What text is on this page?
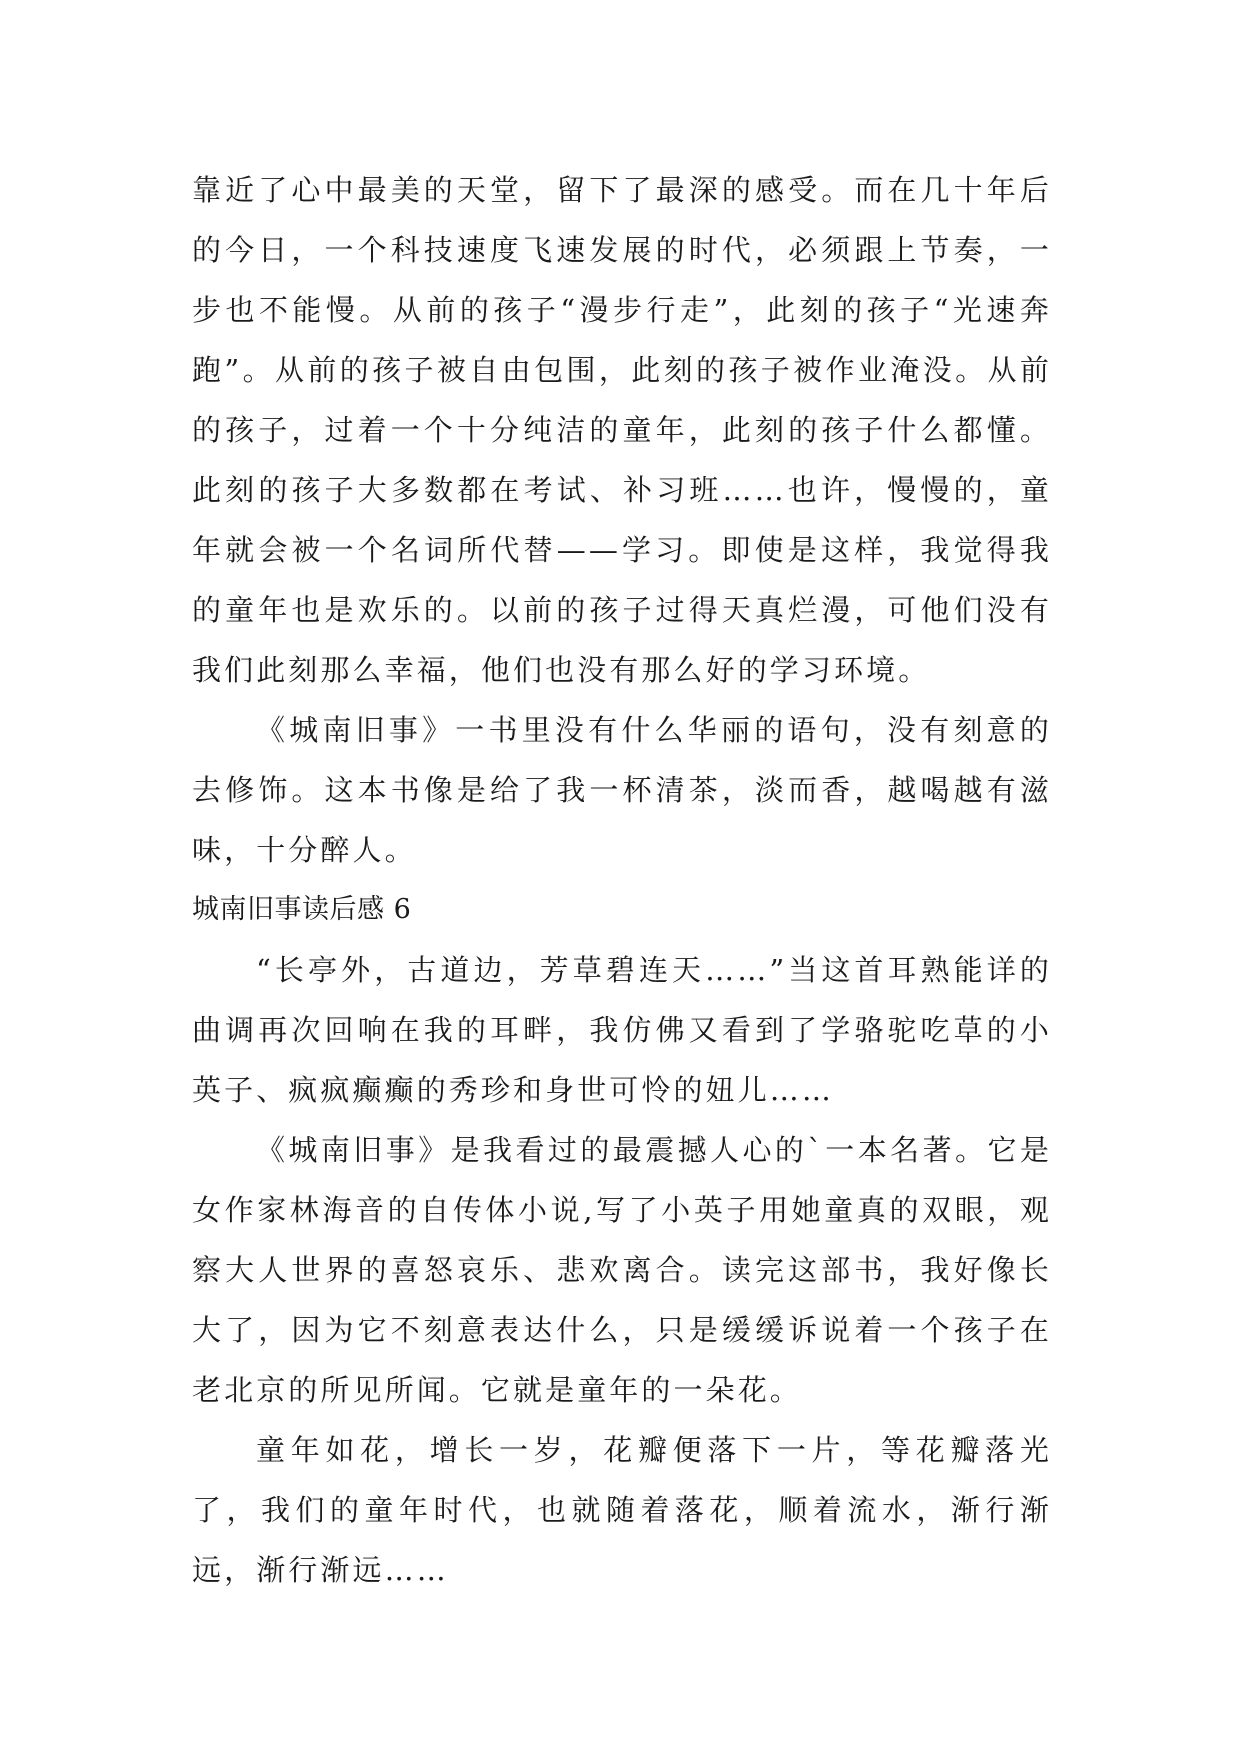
靠近了心中最美的天堂，留下了最深的感受。而在几十年后的今日，一个科技速度飞速发展的时代，必须跟上节奏，一步也不能慢。从前的孩子“漫步行走”，此刻的孩子“光速奔跑”。从前的孩子被自由包围，此刻的孩子被作业淹没。从前的孩子，过着一个十分纯洁的童年，此刻的孩子什么都懂。此刻的孩子大多数都在考试、补习班……也许，慢慢的，童年就会被一个名词所代替——学习。即使是这样，我觉得我的童年也是欢乐的。以前的孩子过得天真烂漫，可他们没有我们此刻那么幸福，他们也没有那么好的学习环境。

《城南旧事》一书里没有什么华丽的语句，没有刻意的去修饰。这本书像是给了我一杯清茶，淡而香，越喝越有滋味，十分醉人。

城南旧事读后感 6

“长亭外，古道边，芳草碧连天……”当这首耳熟能详的曲调再次回响在我的耳畔，我仿佛又看到了学骆驼吃草的小英子、疯疯癫癫的秀珍和身世可怜的妞儿……

《城南旧事》是我看过的最震撼人心的`一本名著。它是女作家林海音的自传体小说,写了小英子用她童真的双眼，观察大人世界的喜怒哀乐、悲欢离合。读完这部书，我好像长大了，因为它不刻意表达什么，只是缓缓诉说着一个孩子在老北京的所见所闻。它就是童年的一朵花。

童年如花，增长一岁，花瓣便落下一片，等花瓣落光了，我们的童年时代，也就随着落花，顺着流水，渐行渐远，渐行渐远……
